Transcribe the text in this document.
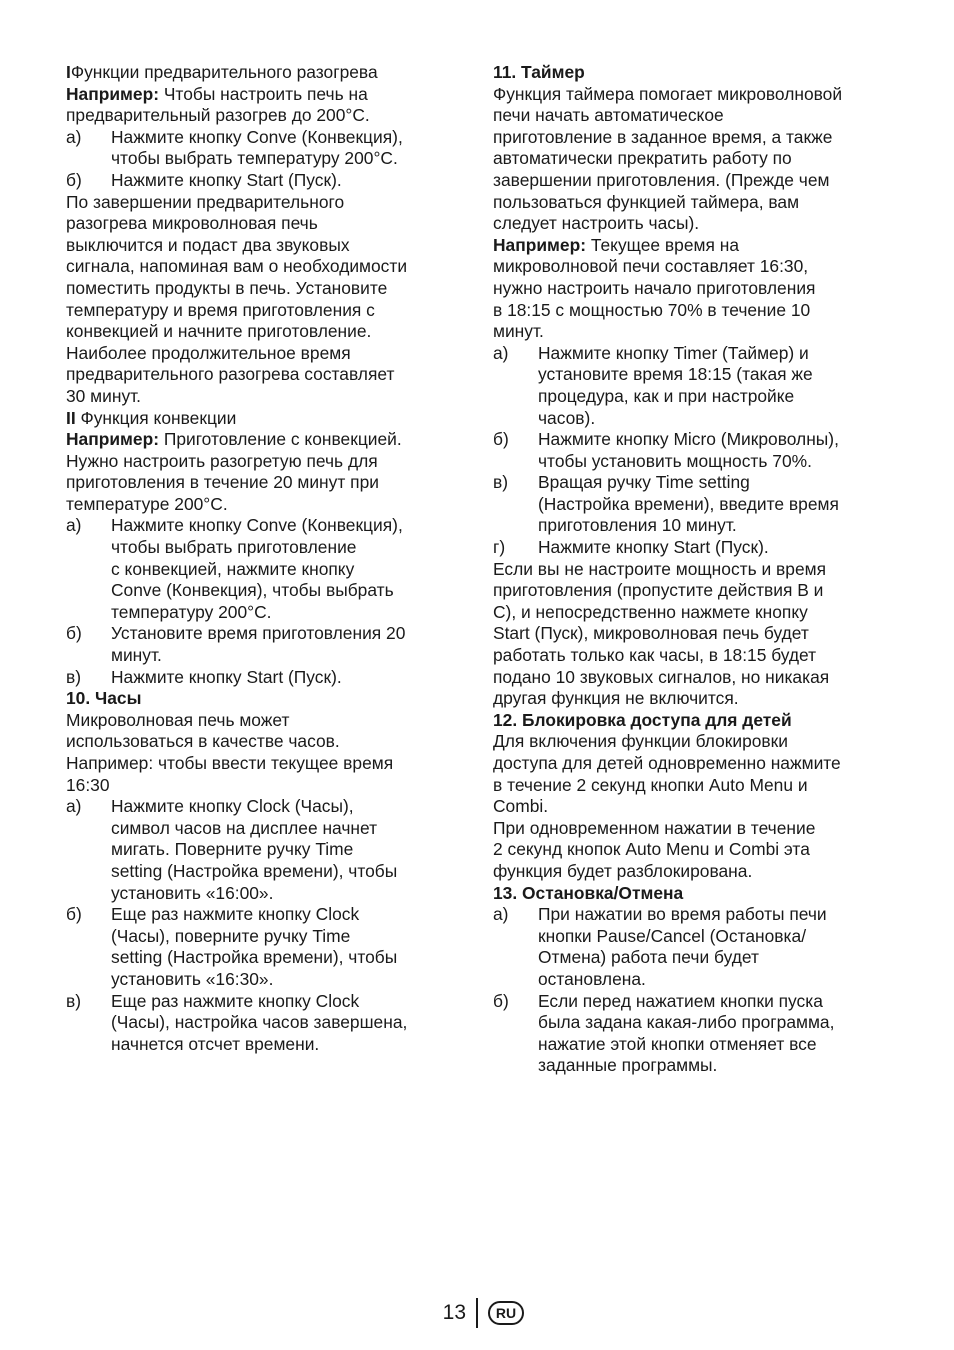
IФункции предварительного разогрева

Например: Чтобы настроить печь на
предварительный разогрев до 200°C.

а)	Нажмите кнопку Conve (Конвекция),
чтобы выбрать температуру 200°C.
б)	Нажмите кнопку Start (Пуск).

По завершении предварительного
разогрева микроволновая печь
выключится и подаст два звуковых
сигнала, напоминая вам о необходимости
поместить продукты в печь. Установите
температуру и время приготовления с
конвекцией и начните приготовление.
Наиболее продолжительное время
предварительного разогрева составляет
30 минут.

II Функция конвекции

Например: Приготовление с конвекцией.
Нужно настроить разогретую печь для
приготовления в течение 20 минут при
температуре 200°C.

а)	Нажмите кнопку Conve (Конвекция),
чтобы выбрать приготовление
с конвекцией, нажмите кнопку
Conve (Конвекция), чтобы выбрать
температуру 200°C.
б)	Установите время приготовления 20
минут.
в)	Нажмите кнопку Start (Пуск).

10. Часы

Микроволновая печь может
использоваться в качестве часов.
Например: чтобы ввести текущее время
16:30

а)	Нажмите кнопку Clock (Часы),
символ часов на дисплее начнет
мигать. Поверните ручку Time
setting (Настройка времени), чтобы
установить «16:00».
б)	Еще раз нажмите кнопку Clock
(Часы), поверните ручку Time
setting (Настройка времени), чтобы
установить «16:30».
в)	Еще раз нажмите кнопку Clock
(Часы), настройка часов завершена,
начнется отсчет времени.

11. Таймер

Функция таймера помогает микроволновой
печи начать автоматическое
приготовление в заданное время, а также
автоматически прекратить работу по
завершении приготовления. (Прежде чем
пользоваться функцией таймера, вам
следует настроить часы).

Например: Текущее время на
микроволновой печи составляет 16:30,
нужно настроить начало приготовления
в 18:15 с мощностью 70% в течение 10
минут.

а)	Нажмите кнопку Timer (Таймер) и
установите время 18:15 (такая же
процедура, как и при настройке
часов).
б)	Нажмите кнопку Micro (Микроволны),
чтобы установить мощность 70%.
в)	Вращая ручку Time setting
(Настройка времени), введите время
приготовления 10 минут.
г)	Нажмите кнопку Start (Пуск).

Если вы не настроите мощность и время
приготовления (пропустите действия B и
C), и непосредственно нажмете кнопку
Start (Пуск), микроволновая печь будет
работать только как часы, в 18:15 будет
подано 10 звуковых сигналов, но никакая
другая функция не включится.

12. Блокировка доступа для детей

Для включения функции блокировки
доступа для детей одновременно нажмите
в течение 2 секунд кнопки Auto Menu и
Combi.

При одновременном нажатии в течение
2 секунд кнопок Auto Menu и Combi эта
функция будет разблокирована.

13. Остановка/Отмена

а)	При нажатии во время работы печи
кнопки Pause/Cancel (Остановка/
Отмена) работа печи будет
остановлена.
б)	Если перед нажатием кнопки пуска
была задана какая-либо программа,
нажатие этой кнопки отменяет все
заданные программы.
13	RU
